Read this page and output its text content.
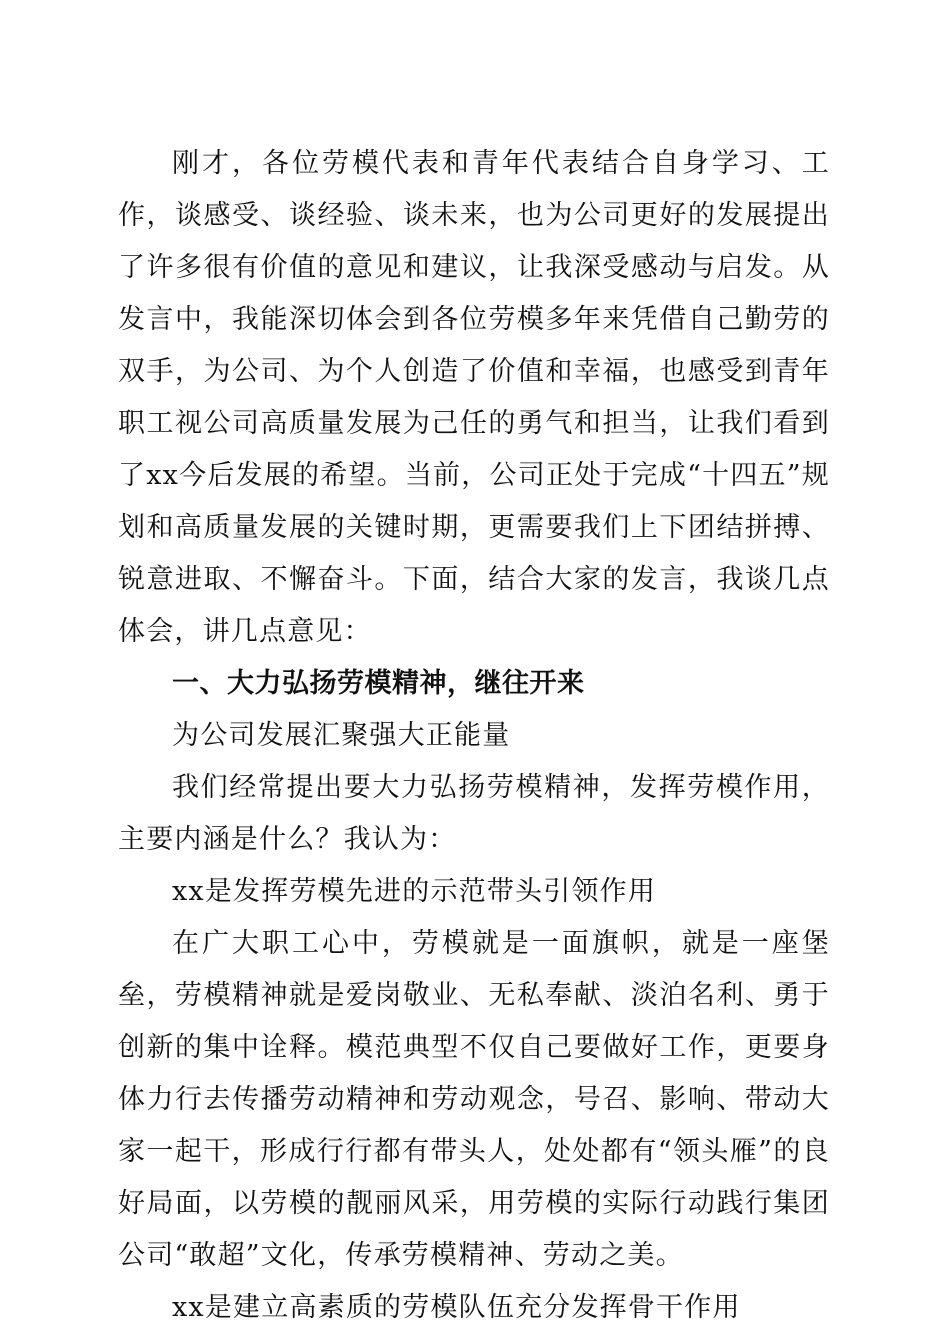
刚才，各位劳模代表和青年代表结合自身学习、工作，谈感受、谈经验、谈未来，也为公司更好的发展提出了许多很有价值的意见和建议，让我深受感动与启发。从发言中，我能深切体会到各位劳模多年来凭借自己勤劳的双手，为公司、为个人创造了价值和幸福，也感受到青年职工视公司高质量发展为己任的勇气和担当，让我们看到了xx今后发展的希望。当前，公司正处于完成“十四五”规划和高质量发展的关键时期，更需要我们上下团结拼搏、锐意进取、不懈奋斗。下面，结合大家的发言，我谈几点体会，讲几点意见：

一、大力弘扬劳模精神，继往开来

为公司发展汇聚强大正能量

我们经常提出要大力弘扬劳模精神，发挥劳模作用，主要内涵是什么？我认为：

xx是发挥劳模先进的示范带头引领作用

在广大职工心中，劳模就是一面旗帜，就是一座堡垒，劳模精神就是爱岗敬业、无私奉献、淡泊名利、勇于创新的集中诠释。模范典型不仅自己要做好工作，更要身体力行去传播劳动精神和劳动观念，号召、影响、带动大家一起干，形成行行都有带头人，处处都有“领头雁”的良好局面，以劳模的靓丽风采，用劳模的实际行动践行集团公司“敢超”文化，传承劳模精神、劳动之美。

xx是建立高素质的劳模队伍充分发挥骨干作用
